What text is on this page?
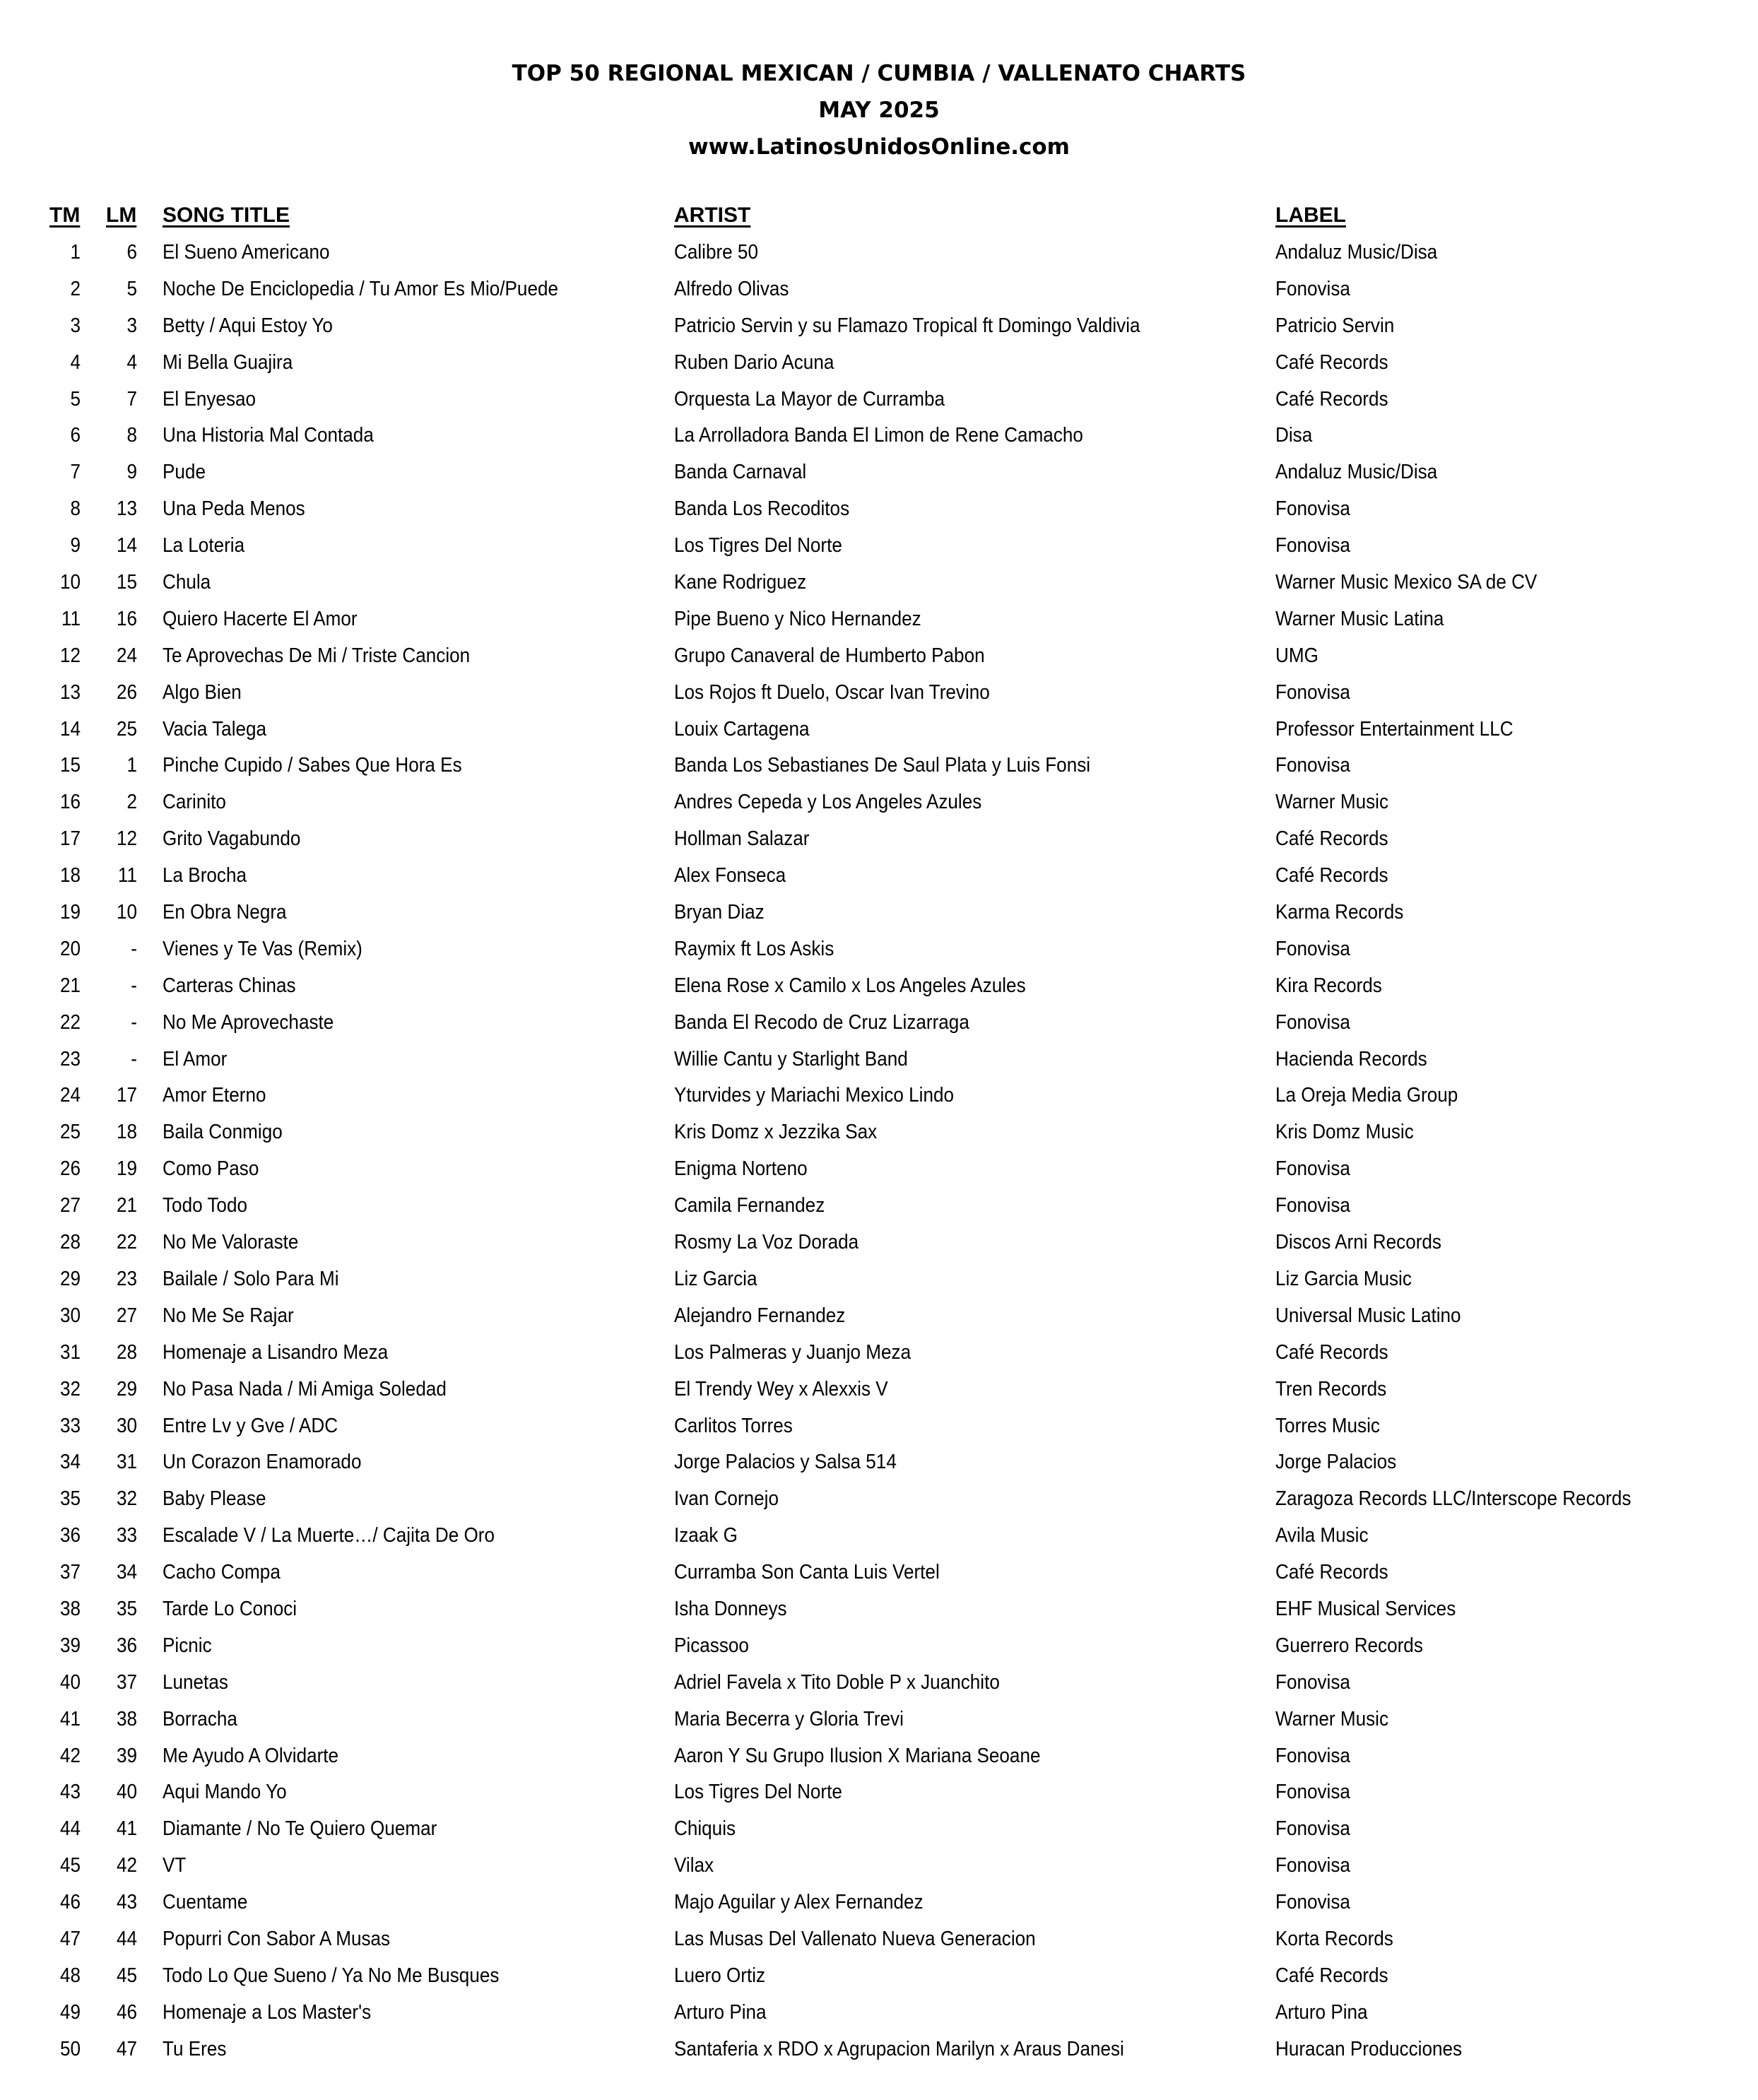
TOP 50 REGIONAL MEXICAN / CUMBIA / VALLENATO CHARTS
MAY 2025
www.LatinosUnidosOnline.com
TM LM SONG TITLE	ARTIST	LABEL
1	6 El Sueno Americano	Calibre 50	Andaluz Music/Disa
2	5 Noche De Enciclopedia / Tu Amor Es Mio/Puede	Alfredo Olivas	Fonovisa
3	3 Betty / Aqui Estoy Yo	Patricio Servin y su Flamazo Tropical ft Domingo Valdivia	Patricio Servin
4	4 Mi Bella Guajira	Ruben Dario Acuna	Café Records
5	7 El Enyesao	Orquesta La Mayor de Curramba	Café Records
6	8 Una Historia Mal Contada	La Arrolladora Banda El Limon de Rene Camacho	Disa
7	9 Pude	Banda Carnaval	Andaluz Music/Disa
8	13 Una Peda Menos	Banda Los Recoditos	Fonovisa
9	14 La Loteria	Los Tigres Del Norte	Fonovisa
10	15 Chula	Kane Rodriguez	Warner Music Mexico SA de CV
11	16 Quiero Hacerte El Amor	Pipe Bueno y Nico Hernandez	Warner Music Latina
12	24 Te Aprovechas De Mi / Triste Cancion	Grupo Canaveral de Humberto Pabon	UMG
13	26 Algo Bien	Los Rojos ft Duelo, Oscar Ivan Trevino	Fonovisa
14	25 Vacia Talega	Louix Cartagena	Professor Entertainment LLC
15	1 Pinche Cupido / Sabes Que Hora Es	Banda Los Sebastianes De Saul Plata y Luis Fonsi	Fonovisa
16	2 Carinito	Andres Cepeda y Los Angeles Azules	Warner Music
17	12 Grito Vagabundo	Hollman Salazar	Café Records
18	11 La Brocha	Alex Fonseca	Café Records
19	10 En Obra Negra	Bryan Diaz	Karma Records
20	- Vienes y Te Vas (Remix)	Raymix ft Los Askis	Fonovisa
21	- Carteras Chinas	Elena Rose x Camilo x Los Angeles Azules	Kira Records
22	- No Me Aprovechaste	Banda El Recodo de Cruz Lizarraga	Fonovisa
23	- El Amor	Willie Cantu y Starlight Band	Hacienda Records
24	17 Amor Eterno	Yturvides y Mariachi Mexico Lindo	La Oreja Media Group
25	18 Baila Conmigo	Kris Domz x Jezzika Sax	Kris Domz Music
26	19 Como Paso	Enigma Norteno	Fonovisa
27	21 Todo Todo	Camila Fernandez	Fonovisa
28	22 No Me Valoraste	Rosmy La Voz Dorada	Discos Arni Records
29	23 Bailale / Solo Para Mi	Liz Garcia	Liz Garcia Music
30	27 No Me Se Rajar	Alejandro Fernandez	Universal Music Latino
31	28 Homenaje a Lisandro Meza	Los Palmeras y Juanjo Meza	Café Records
32	29 No Pasa Nada / Mi Amiga Soledad	El Trendy Wey x Alexxis V	Tren Records
33	30 Entre Lv y Gve / ADC	Carlitos Torres	Torres Music
34	31 Un Corazon Enamorado	Jorge Palacios y Salsa 514	Jorge Palacios
35	32 Baby Please	Ivan Cornejo	Zaragoza Records LLC/Interscope Records
36	33 Escalade V / La Muerte…/ Cajita De Oro	Izaak G	Avila Music
37	34 Cacho Compa	Curramba Son Canta Luis Vertel	Café Records
38	35 Tarde Lo Conoci	Isha Donneys	EHF Musical Services
39	36 Picnic	Picassoo	Guerrero Records
40	37 Lunetas	Adriel Favela x Tito Doble P x Juanchito	Fonovisa
41	38 Borracha	Maria Becerra y Gloria Trevi	Warner Music
42	39 Me Ayudo A Olvidarte	Aaron Y Su Grupo Ilusion X Mariana Seoane	Fonovisa
43	40 Aqui Mando Yo	Los Tigres Del Norte	Fonovisa
44	41 Diamante / No Te Quiero Quemar	Chiquis	Fonovisa
45	42 VT	Vilax	Fonovisa
46	43 Cuentame	Majo Aguilar y Alex Fernandez	Fonovisa
47	44 Popurri Con Sabor A Musas	Las Musas Del Vallenato Nueva Generacion	Korta Records
48	45 Todo Lo Que Sueno / Ya No Me Busques	Luero Ortiz	Café Records
49	46 Homenaje a Los Master's	Arturo Pina	Arturo Pina
50	47 Tu Eres	Santaferia x RDO x Agrupacion Marilyn x Araus Danesi	Huracan Producciones
